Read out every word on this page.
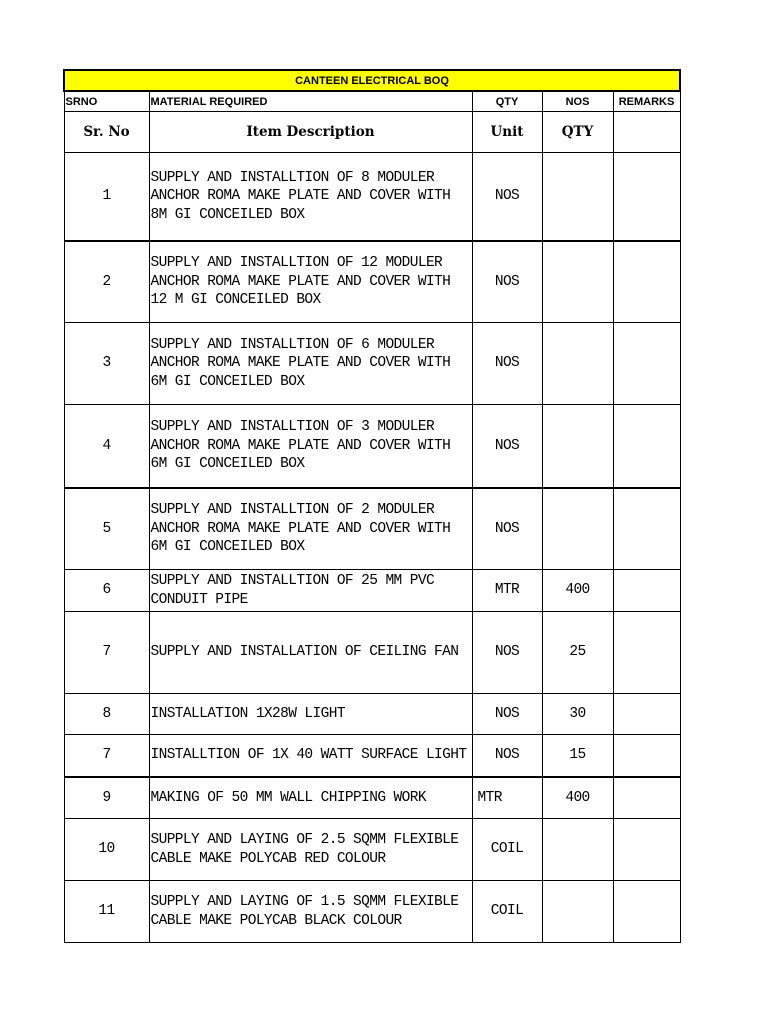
CANTEEN ELECTRICAL BOQ				
SRNO	MATERIAL REQUIRED	QTY	NOS	REMARKS
Sr. No	Item Description	Unit	QTY	
1	SUPPLY AND INSTALLTION OF 8 MODULER ANCHOR ROMA MAKE PLATE AND COVER WITH 8M GI CONCEILED BOX	NOS		
2	SUPPLY AND INSTALLTION OF 12 MODULER ANCHOR ROMA MAKE PLATE AND COVER WITH 12 M GI CONCEILED BOX	NOS		
3	SUPPLY AND INSTALLTION OF 6 MODULER ANCHOR ROMA MAKE PLATE AND COVER WITH 6M GI CONCEILED BOX	NOS		
4	SUPPLY AND INSTALLTION OF 3 MODULER ANCHOR ROMA MAKE PLATE AND COVER WITH 6M GI CONCEILED BOX	NOS		
5	SUPPLY AND INSTALLTION OF 2 MODULER ANCHOR ROMA MAKE PLATE AND COVER WITH 6M GI CONCEILED BOX	NOS		
6	SUPPLY AND INSTALLTION OF 25 MM PVC CONDUIT PIPE	MTR	400	
7	SUPPLY AND INSTALLATION OF CEILING FAN	NOS	25	
8	INSTALLATION 1X28W LIGHT	NOS	30	
7	INSTALLTION OF 1X 40 WATT SURFACE LIGHT	NOS	15	
9	MAKING OF 50 MM WALL CHIPPING WORK	MTR	400	
10	SUPPLY AND LAYING OF 2.5 SQMM FLEXIBLE CABLE MAKE POLYCAB RED COLOUR	COIL		
11	SUPPLY AND LAYING OF 1.5 SQMM FLEXIBLE CABLE MAKE POLYCAB BLACK COLOUR	COIL		
